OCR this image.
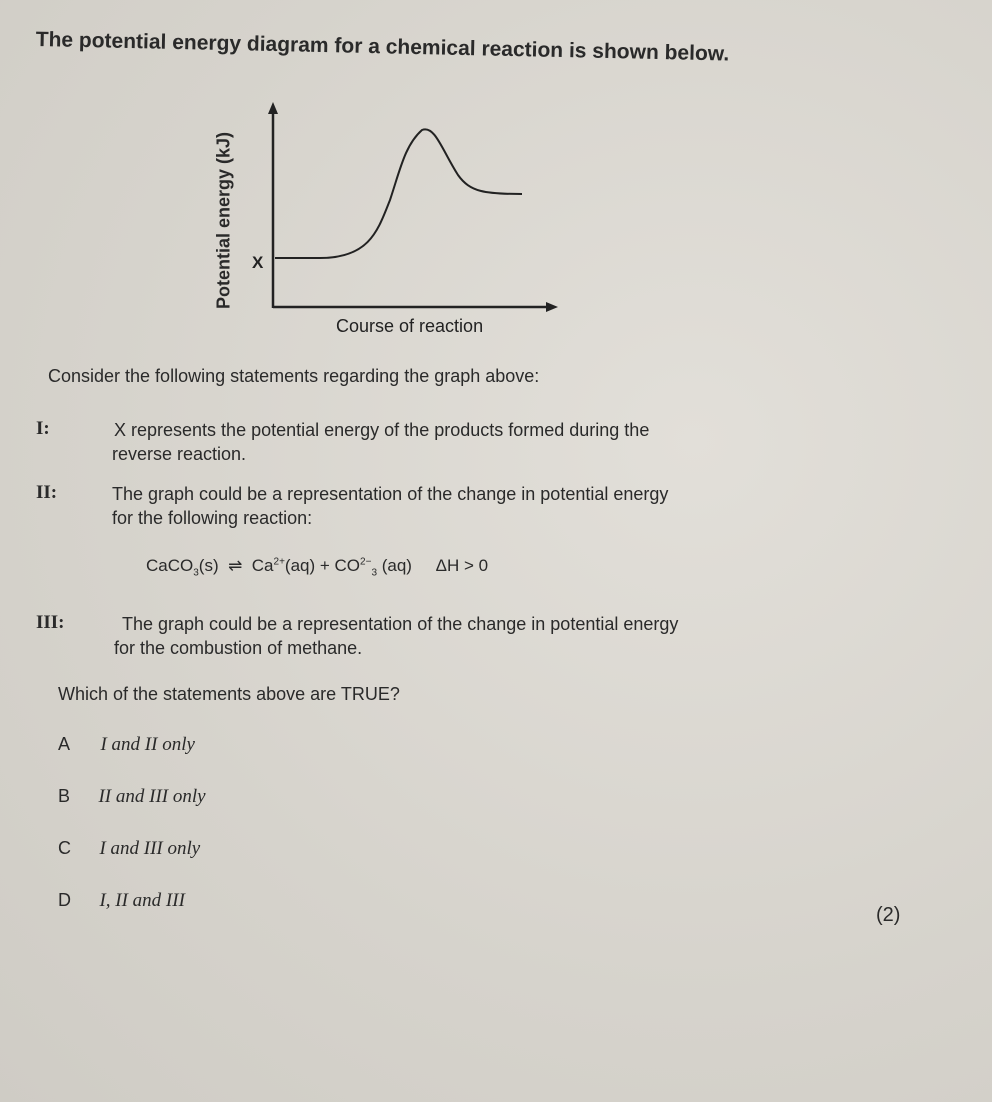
The potential energy diagram for a chemical reaction is shown below.

Potential energy (kJ) X
Course of reaction

Consider the following statements regarding the graph above:

I:	X represents the potential energy of the products formed during the
reverse reaction.
II:	The graph could be a representation of the change in potential energy
for the following reaction:
CaCO$_3$(s) ⇌ $Ca^{2+}(aq) + CO^{2-}_3$ (aq) ΔH > 0
III:	The graph could be a representation of the change in potential energy
for the combustion of methane.

Which of the statements above are TRUE?

A I and II only
B II and III only
C I and III only
D I, II and III
(2)
